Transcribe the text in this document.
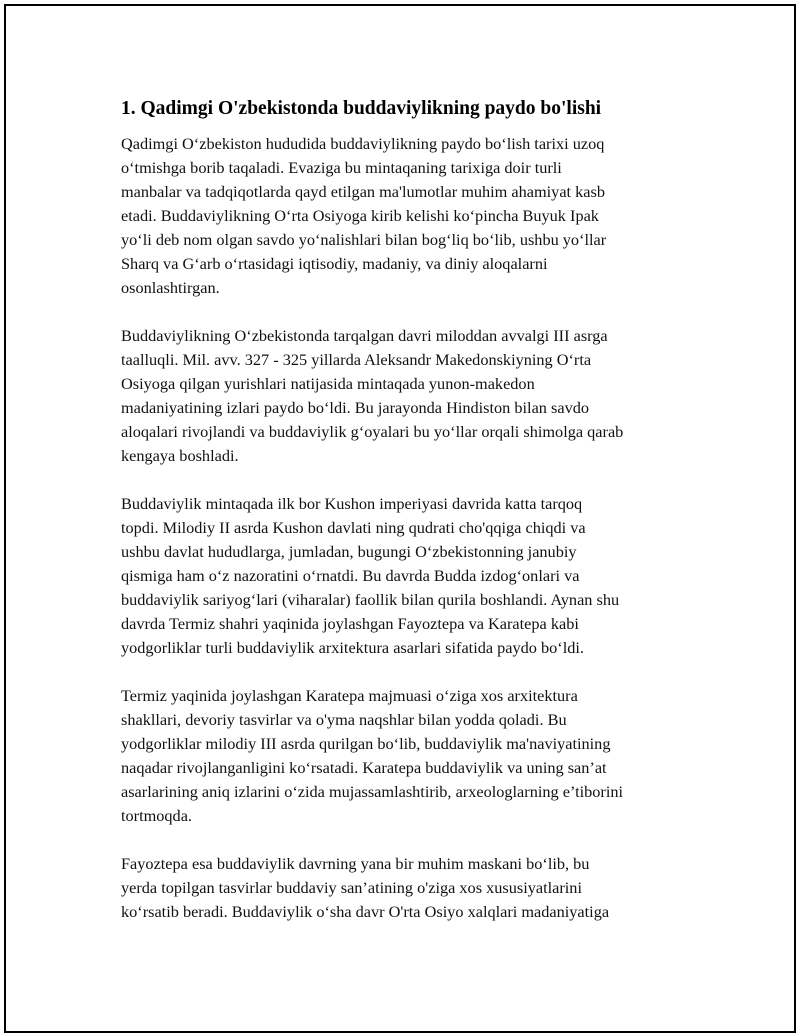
1. Qadimgi O'zbekistonda buddaviylikning paydo bo'lishi
Qadimgi O‘zbekiston hududida buddaviylikning paydo bo‘lish tarixi uzoq
o‘tmishga borib taqaladi. Evaziga bu mintaqaning tarixiga doir turli
manbalar va tadqiqotlarda qayd etilgan ma'lumotlar muhim ahamiyat kasb
etadi. Buddaviylikning O‘rta Osiyoga kirib kelishi ko‘pincha Buyuk Ipak
yo‘li deb nom olgan savdo yo‘nalishlari bilan bog‘liq bo‘lib, ushbu yo‘llar
Sharq va G‘arb o‘rtasidagi iqtisodiy, madaniy, va diniy aloqalarni
osonlashtirgan.
Buddaviylikning O‘zbekistonda tarqalgan davri miloddan avvalgi III asrga
taalluqli. Mil. avv. 327 - 325 yillarda Aleksandr Makedonskiyning O‘rta
Osiyoga qilgan yurishlari natijasida mintaqada yunon-makedon
madaniyatining izlari paydo bo‘ldi. Bu jarayonda Hindiston bilan savdo
aloqalari rivojlandi va buddaviylik g‘oyalari bu yo‘llar orqali shimolga qarab
kengaya boshladi.
Buddaviylik mintaqada ilk bor Kushon imperiyasi davrida katta tarqoq
topdi. Milodiy II asrda Kushon davlati ning qudrati cho'qqiga chiqdi va
ushbu davlat hududlarga, jumladan, bugungi O‘zbekistonning janubiy
qismiga ham o‘z nazoratini o‘rnatdi. Bu davrda Budda izdog‘onlari va
buddaviylik sariyog‘lari (viharalar) faollik bilan qurila boshlandi. Aynan shu
davrda Termiz shahri yaqinida joylashgan Fayoztepa va Karatepa kabi
yodgorliklar turli buddaviylik arxitektura asarlari sifatida paydo bo‘ldi.
Termiz yaqinida joylashgan Karatepa majmuasi o‘ziga xos arxitektura
shakllari, devoriy tasvirlar va o'yma naqshlar bilan yodda qoladi. Bu
yodgorliklar milodiy III asrda qurilgan bo‘lib, buddaviylik ma'naviyatining
naqadar rivojlanganligini ko‘rsatadi. Karatepa buddaviylik va uning san’at
asarlarining aniq izlarini o‘zida mujassamlashtirib, arxeologlarning e’tiborini
tortmoqda.
Fayoztepa esa buddaviylik davrning yana bir muhim maskani bo‘lib, bu
yerda topilgan tasvirlar buddaviy san’atining o'ziga xos xususiyatlarini
ko‘rsatib beradi. Buddaviylik o‘sha davr O'rta Osiyo xalqlari madaniyatiga
